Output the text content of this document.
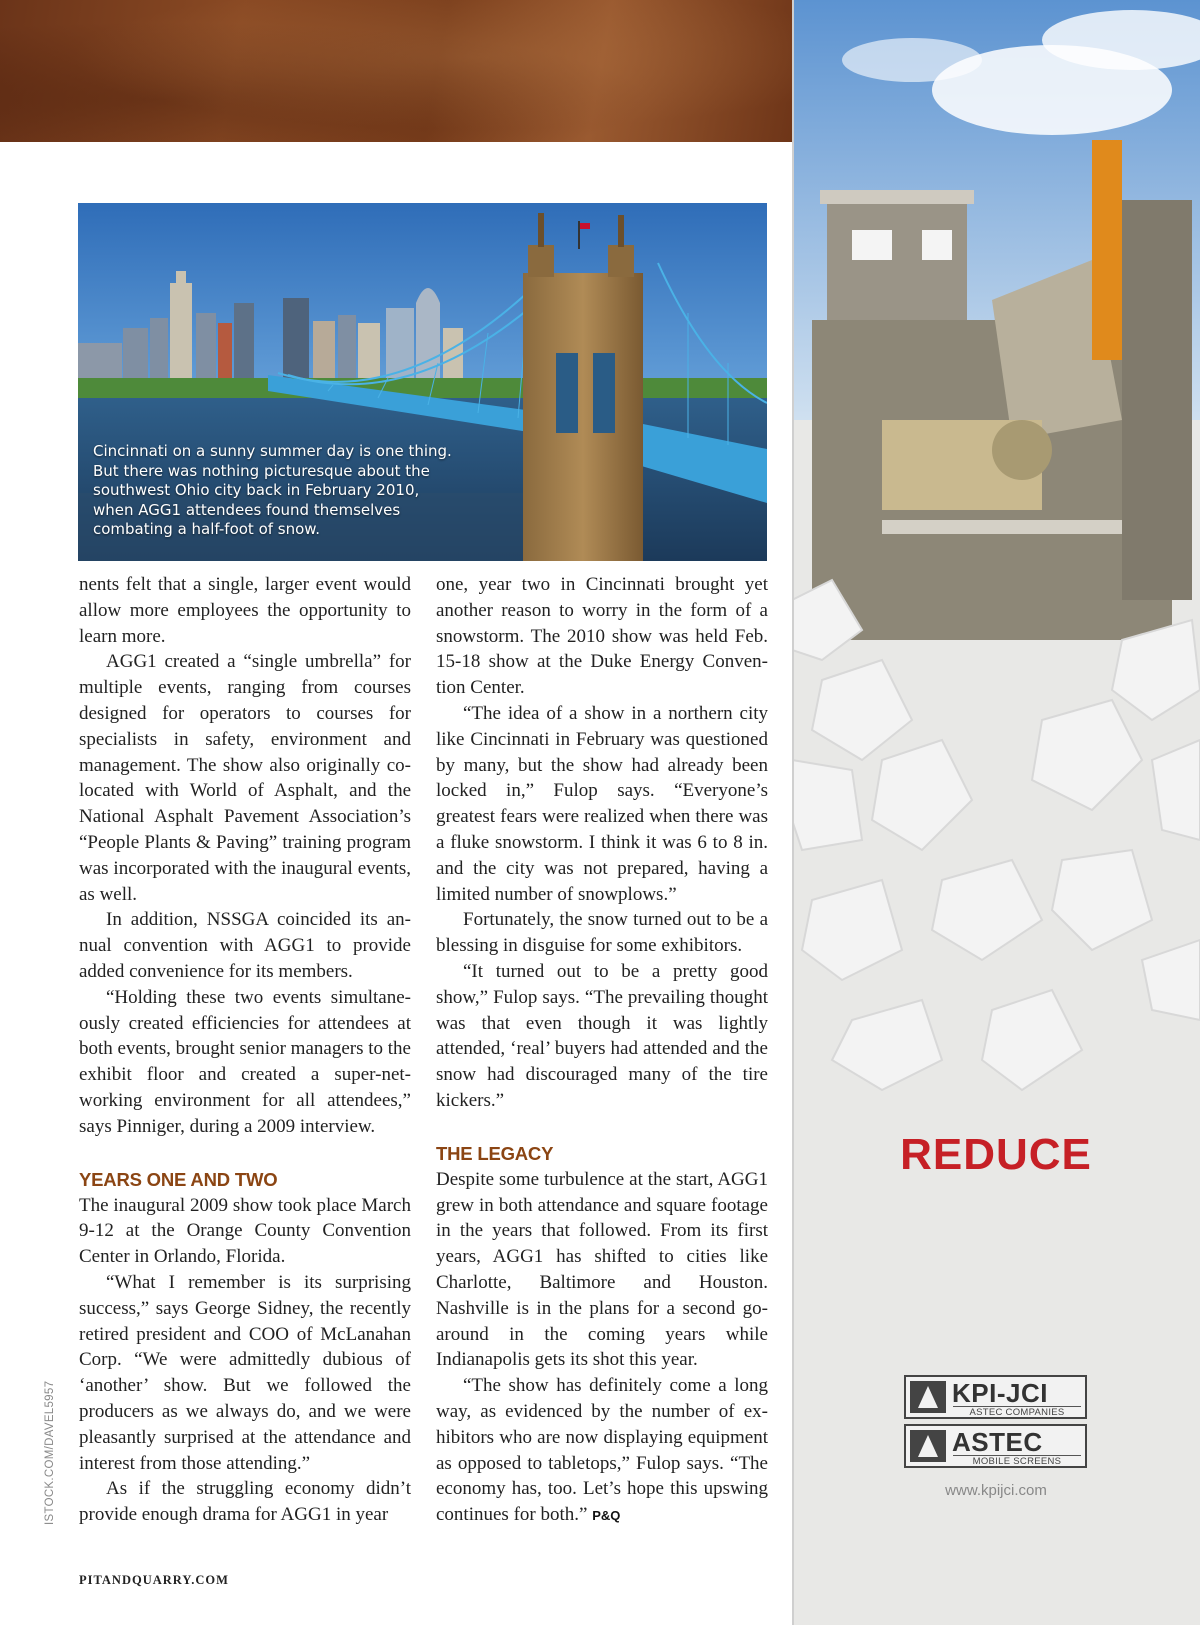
Cincinnati on a sunny summer day is one thing.
But there was nothing picturesque about the
southwest Ohio city back in February 2010,
when AGG1 attendees found themselves
combating a half-foot of snow.

nents felt that a single, larger event would allow more employees the opportunity to learn more.

AGG1 created a “single umbrella” for multiple events, ranging from courses designed for operators to courses for specialists in safety, environment and management. The show also originally co-located with World of Asphalt, and the National Asphalt Pavement Association’s “People Plants & Paving” training program was incorporated with the inaugural events, as well.

In addition, NSSGA coincided its annual convention with AGG1 to provide added convenience for its members.

“Holding these two events simultaneously created efficiencies for attendees at both events, brought senior managers to the exhibit floor and created a super-networking environment for all attendees,” says Pinniger, during a 2009 interview.

YEARS ONE AND TWO

The inaugural 2009 show took place March 9-12 at the Orange County Convention Center in Orlando, Florida.

“What I remember is its surprising success,” says George Sidney, the recently retired president and COO of McLanahan Corp. “We were admittedly dubious of ‘another’ show. But we followed the producers as we always do, and we were pleasantly surprised at the attendance and interest from those attending.”

As if the struggling economy didn’t provide enough drama for AGG1 in year

one, year two in Cincinnati brought yet another reason to worry in the form of a snowstorm. The 2010 show was held Feb. 15-18 show at the Duke Energy Convention Center.

“The idea of a show in a northern city like Cincinnati in February was questioned by many, but the show had already been locked in,” Fulop says. “Everyone’s greatest fears were realized when there was a fluke snowstorm. I think it was 6 to 8 in. and the city was not prepared, having a limited number of snowplows.”

Fortunately, the snow turned out to be a blessing in disguise for some exhibitors.

“It turned out to be a pretty good show,” Fulop says. “The prevailing thought was that even though it was lightly attended, ‘real’ buyers had attended and the snow had discouraged many of the tire kickers.”

THE LEGACY

Despite some turbulence at the start, AGG1 grew in both attendance and square footage in the years that followed. From its first years, AGG1 has shifted to cities like Charlotte, Baltimore and Houston. Nashville is in the plans for a second go-around in the coming years while Indianapolis gets its shot this year.

“The show has definitely come a long way, as evidenced by the number of exhibitors who are now displaying equipment as opposed to tabletops,” Fulop says. “The economy has, too. Let’s hope this upswing continues for both.” P&Q

ISTOCK.COM/DAVEL5957
PITANDQUARRY.COM
REDUCE
KPI-JCI
ASTEC COMPANIES
ASTEC
MOBILE SCREENS
www.kpijci.com
